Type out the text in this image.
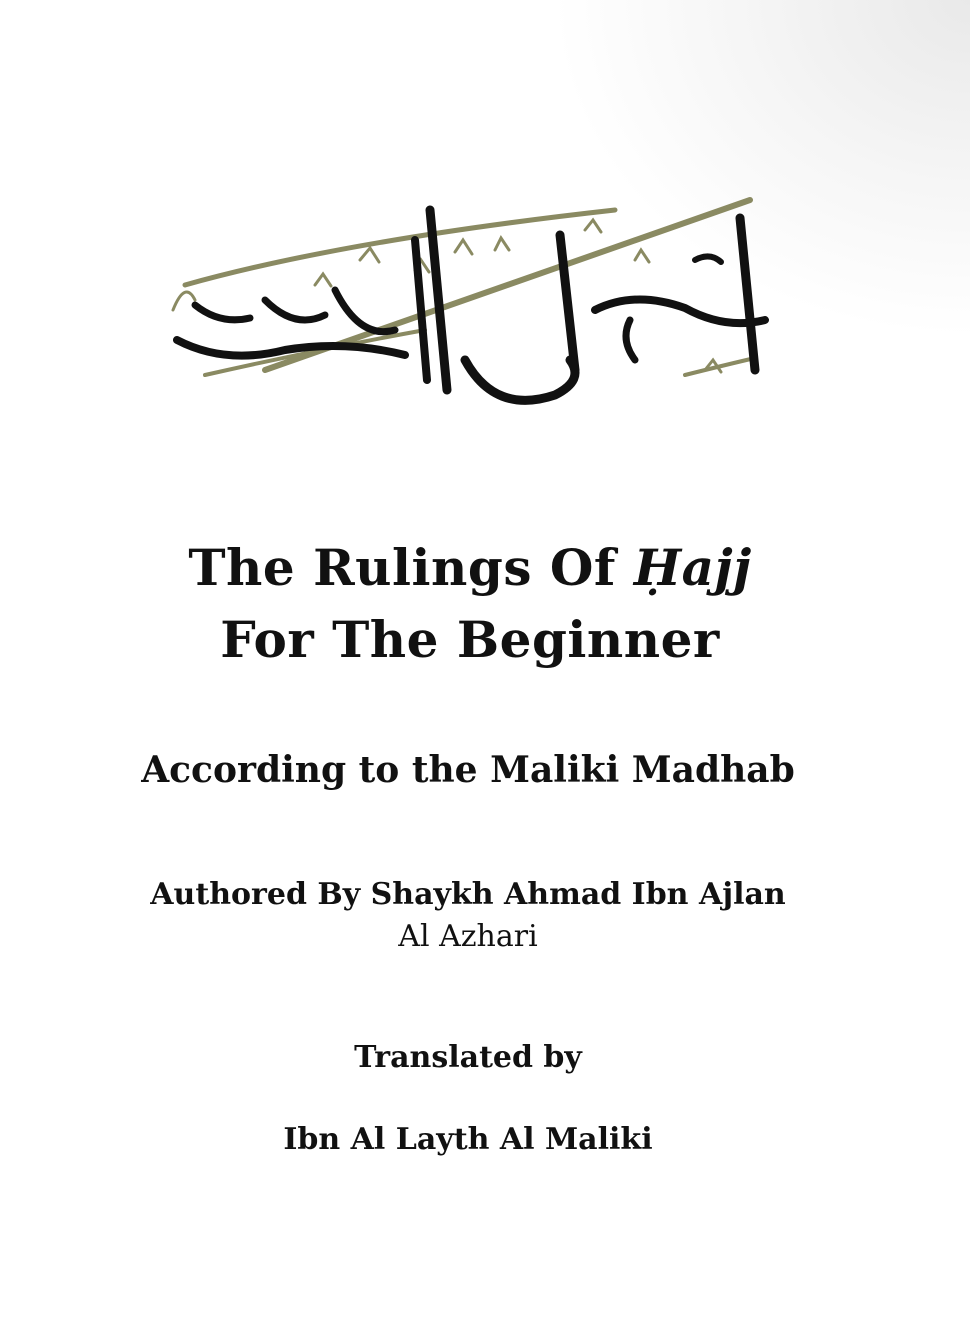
The Rulings Of Ḥajj
For The Beginner
According to the Maliki Madhab
Authored By Shaykh Ahmad Ibn Ajlan
Al Azhari
Translated by
Ibn Al Layth Al Maliki
